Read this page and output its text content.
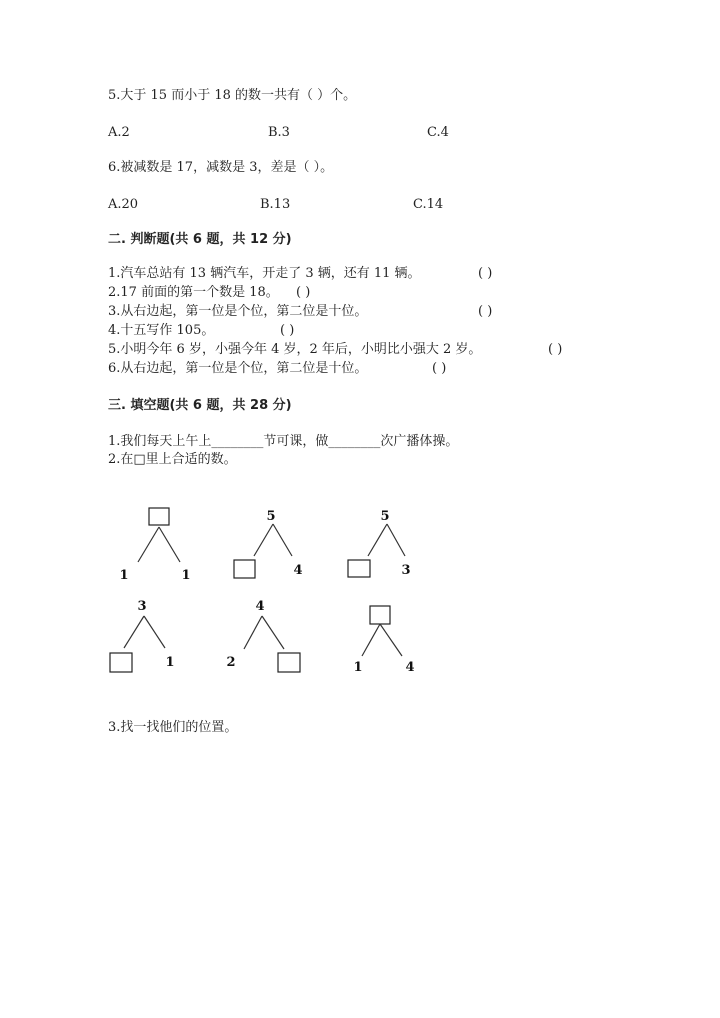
5.大于 15 而小于 18 的数一共有（ ）个。
A.2	B.3	C.4
6.被减数是 17，减数是 3，差是（ ）。
A.20	B.13	C.14
二. 判断题(共 6 题，共 12 分)
1.汽车总站有 13 辆汽车，开走了 3 辆，还有 11 辆。	( )
2.17 前面的第一个数是 18。 ( )
3.从右边起，第一位是个位，第二位是十位。	( )
4.十五写作 105。	( )
5.小明今年 6 岁，小强今年 4 岁，2 年后，小明比小强大 2 岁。	( )
6.从右边起，第一位是个位，第二位是十位。	( )
三. 填空题(共 6 题，共 28 分)
1.我们每天上午上________节可课，做________次广播体操。
2.在□里上合适的数。
1	1
5
4
5
3
3
1
4
2	1	4
3.找一找他们的位置。
